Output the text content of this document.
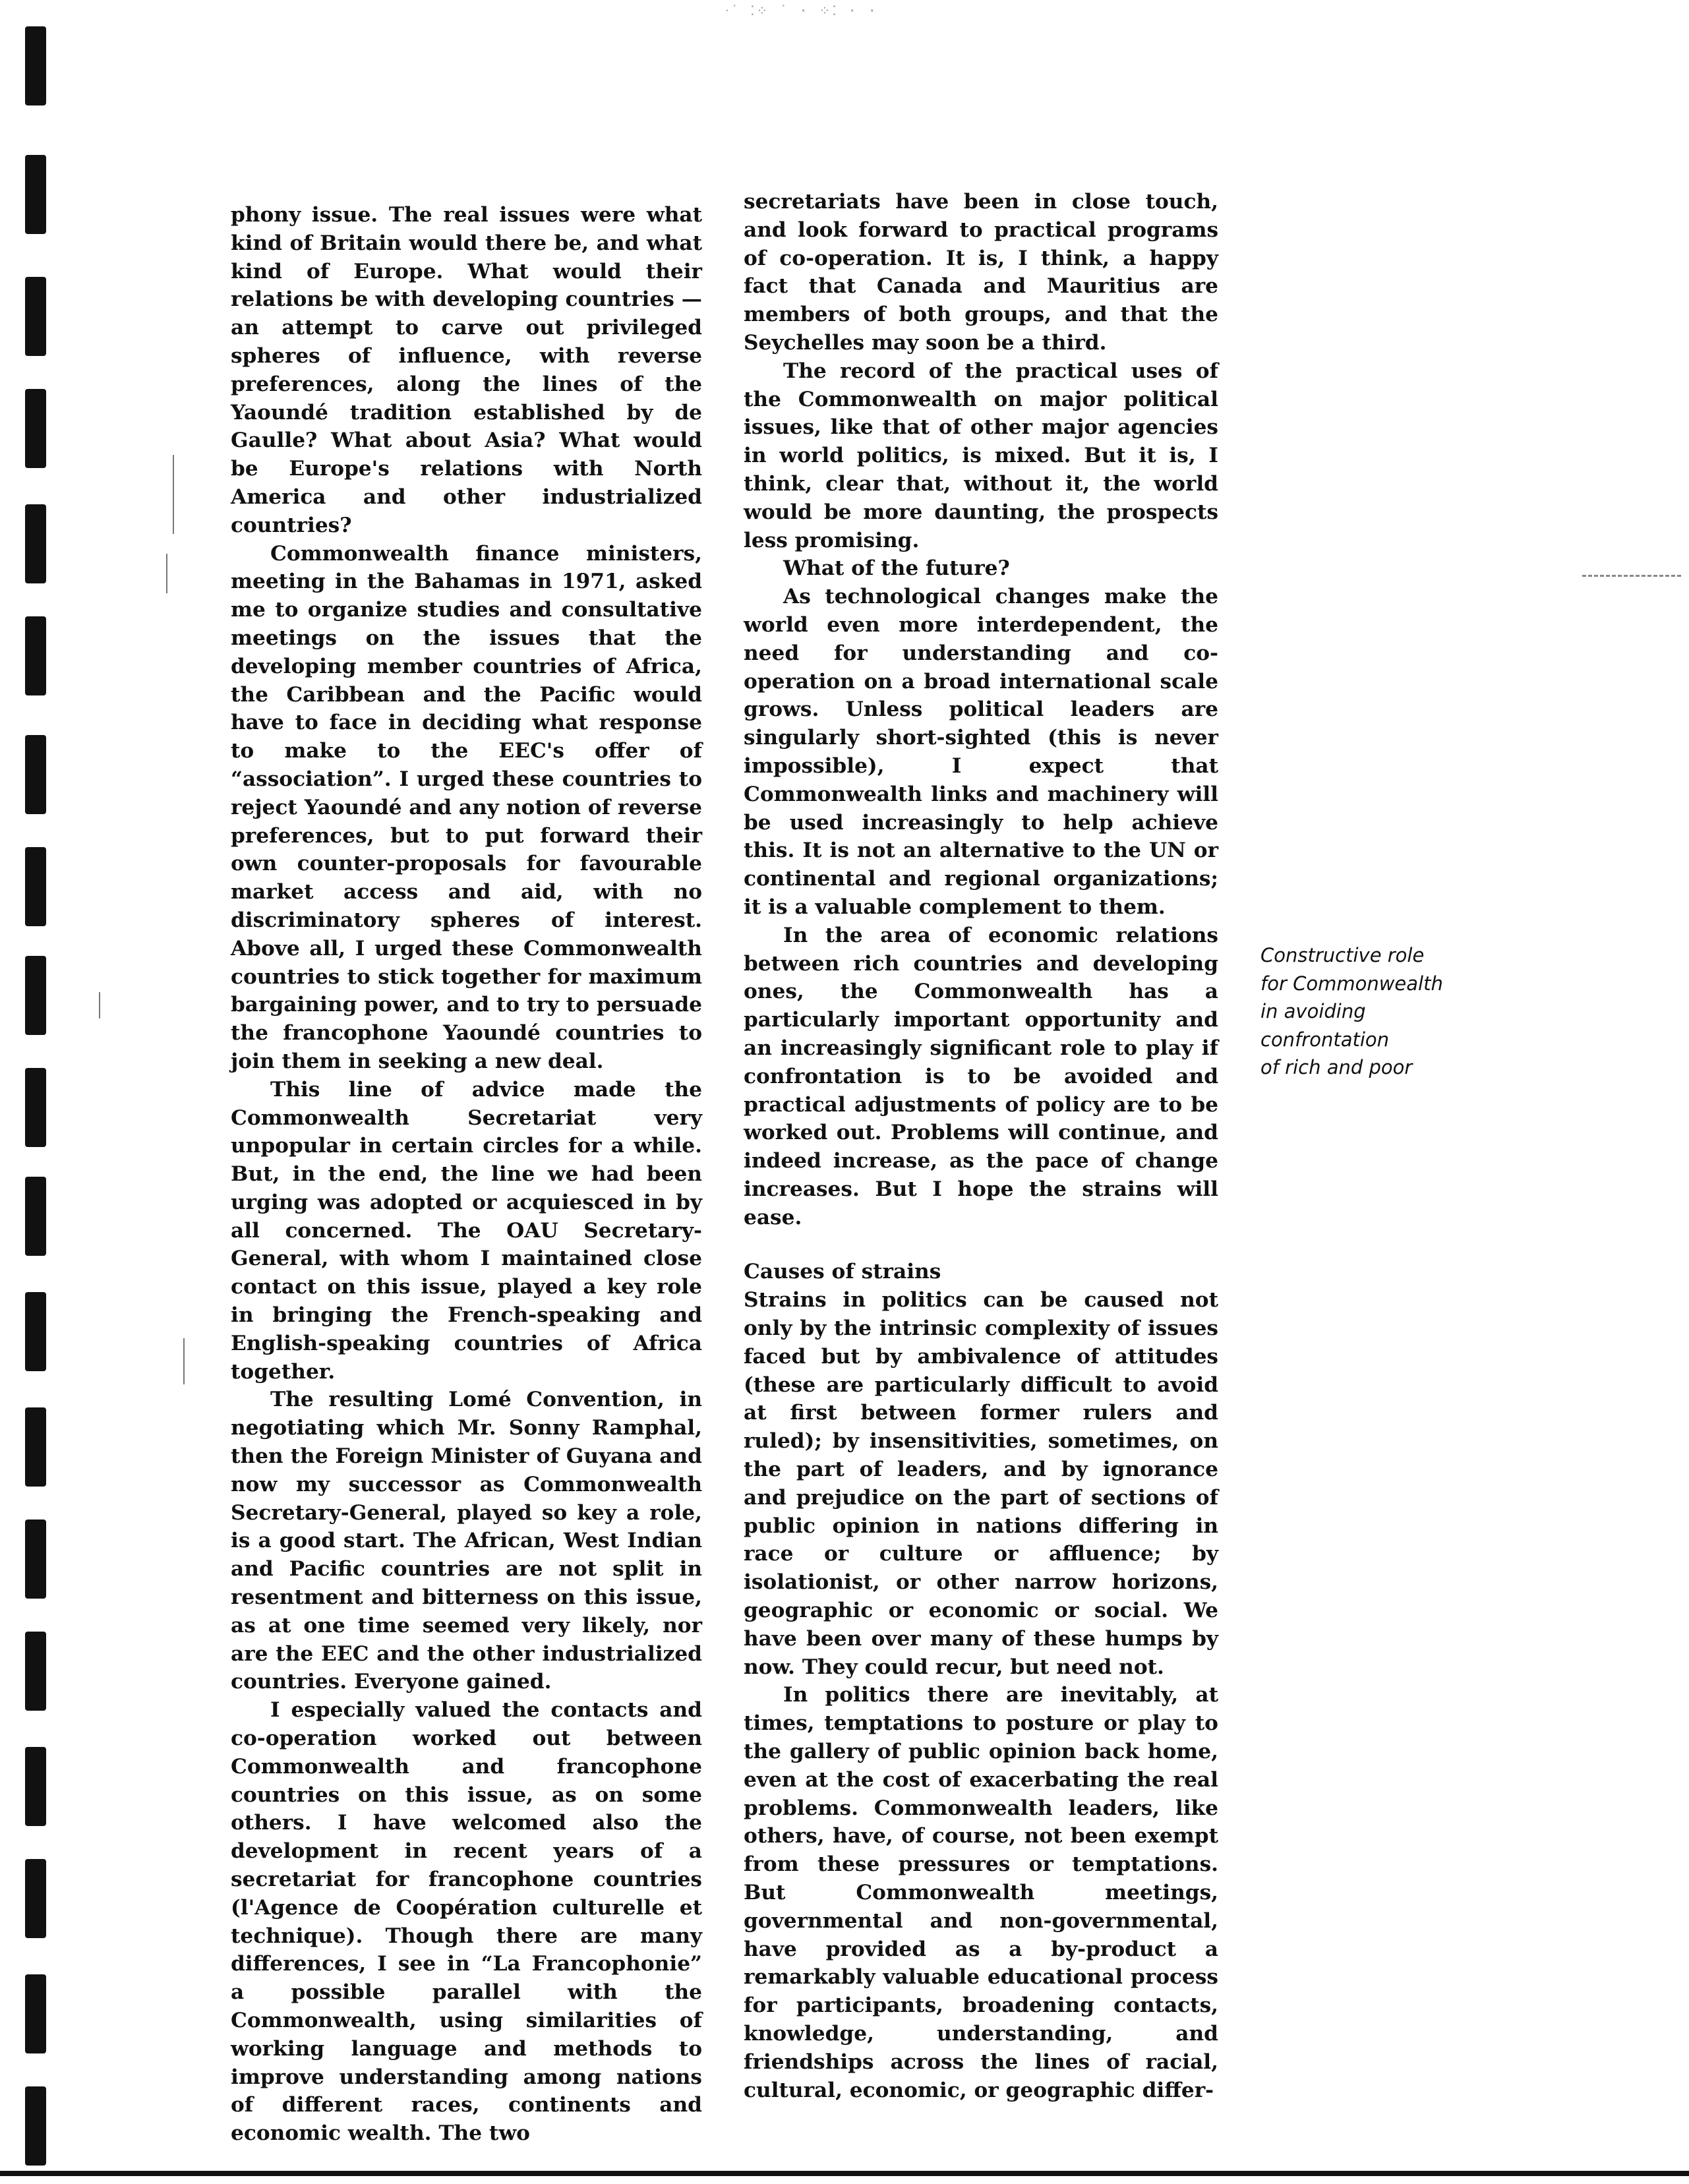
ᐧ˙ ⁚⁘ ˙ · ⁘⁚ · ·

phony issue. The real issues were what kind of Britain would there be, and what kind of Europe. What would their relations be with developing countries — an attempt to carve out privileged spheres of influence, with reverse preferences, along the lines of the Yaoundé tradition established by de Gaulle? What about Asia? What would be Europe's relations with North America and other industrialized countries?

Commonwealth finance ministers, meeting in the Bahamas in 1971, asked me to organize studies and consultative meetings on the issues that the developing member countries of Africa, the Caribbean and the Pacific would have to face in deciding what response to make to the EEC's offer of “association”. I urged these countries to reject Yaoundé and any notion of reverse preferences, but to put forward their own counter-proposals for favourable market access and aid, with no discriminatory spheres of interest. Above all, I urged these Commonwealth countries to stick together for maximum bargaining power, and to try to persuade the francophone Yaoundé countries to join them in seeking a new deal.

This line of advice made the Commonwealth Secretariat very unpopular in certain circles for a while. But, in the end, the line we had been urging was adopted or acquiesced in by all concerned. The OAU Secretary-General, with whom I maintained close contact on this issue, played a key role in bringing the French-speaking and English-speaking countries of Africa together.

The resulting Lomé Convention, in negotiating which Mr. Sonny Ramphal, then the Foreign Minister of Guyana and now my successor as Commonwealth Secretary-General, played so key a role, is a good start. The African, West Indian and Pacific countries are not split in resentment and bitterness on this issue, as at one time seemed very likely, nor are the EEC and the other industrialized countries. Everyone gained.

I especially valued the contacts and co-operation worked out between Commonwealth and francophone countries on this issue, as on some others. I have welcomed also the development in recent years of a secretariat for francophone countries (l'Agence de Coopération culturelle et technique). Though there are many differences, I see in “La Francophonie” a possible parallel with the Commonwealth, using similarities of working language and methods to improve understanding among nations of different races, continents and economic wealth. The two

secretariats have been in close touch, and look forward to practical programs of co-operation. It is, I think, a happy fact that Canada and Mauritius are members of both groups, and that the Seychelles may soon be a third.

The record of the practical uses of the Commonwealth on major political issues, like that of other major agencies in world politics, is mixed. But it is, I think, clear that, without it, the world would be more daunting, the prospects less promising.

What of the future?

As technological changes make the world even more interdependent, the need for understanding and co-operation on a broad international scale grows. Unless political leaders are singularly short-sighted (this is never impossible), I expect that Commonwealth links and machinery will be used increasingly to help achieve this. It is not an alternative to the UN or continental and regional organizations; it is a valuable complement to them.

In the area of economic relations between rich countries and developing ones, the Commonwealth has a particularly important opportunity and an increasingly significant role to play if confrontation is to be avoided and practical adjustments of policy are to be worked out. Problems will continue, and indeed increase, as the pace of change increases. But I hope the strains will ease.

Causes of strains

Strains in politics can be caused not only by the intrinsic complexity of issues faced but by ambivalence of attitudes (these are particularly difficult to avoid at first between former rulers and ruled); by insensitivities, sometimes, on the part of leaders, and by ignorance and prejudice on the part of sections of public opinion in nations differing in race or culture or affluence; by isolationist, or other narrow horizons, geographic or economic or social. We have been over many of these humps by now. They could recur, but need not.

In politics there are inevitably, at times, temptations to posture or play to the gallery of public opinion back home, even at the cost of exacerbating the real problems. Commonwealth leaders, like others, have, of course, not been exempt from these pressures or temptations. But Commonwealth meetings, governmental and non-governmental, have provided as a by-product a remarkably valuable educational process for participants, broadening contacts, knowledge, understanding, and friendships across the lines of racial, cultural, economic, or geographic differ-

Constructive role
for Commonwealth
in avoiding
confrontation
of rich and poor
